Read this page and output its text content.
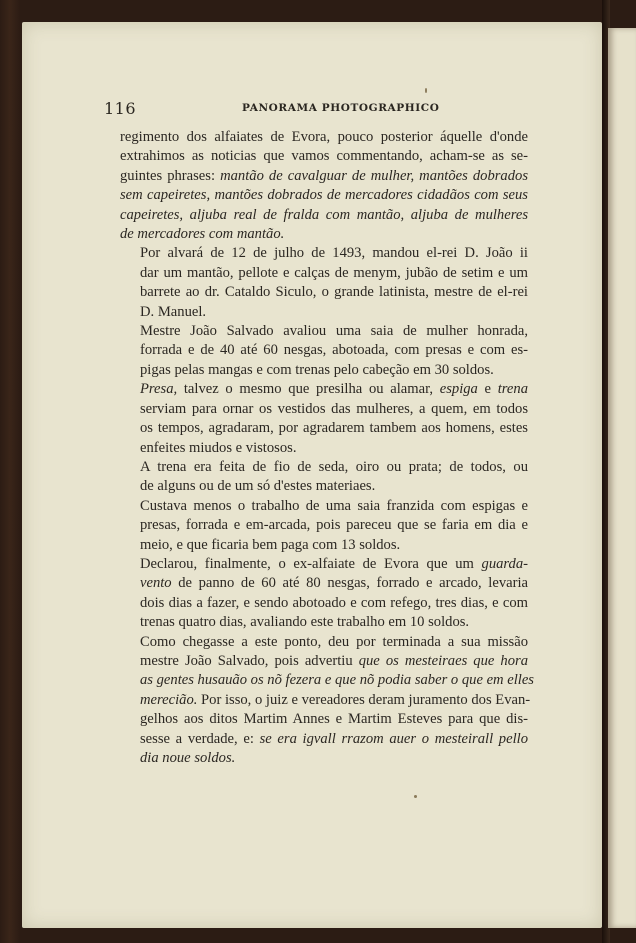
116	PANORAMA PHOTOGRAPHICO

regimento dos alfaiates de Evora, pouco posterior áquelle d'onde
extrahimos as noticias que vamos commentando, acham-se as se-
guintes phrases: mantão de cavalguar de mulher, mantões dobrados
sem capeiretes, mantões dobrados de mercadores cidadãos com seus
capeiretes, aljuba real de fralda com mantão, aljuba de mulheres
de mercadores com mantão.

Por alvará de 12 de julho de 1493, mandou el-rei D. João ii
dar um mantão, pellote e calças de menym, jubão de setim e um
barrete ao dr. Cataldo Siculo, o grande latinista, mestre de el-rei
D. Manuel.

Mestre João Salvado avaliou uma saia de mulher honrada,
forrada e de 40 até 60 nesgas, abotoada, com presas e com es-
pigas pelas mangas e com trenas pelo cabeção em 30 soldos.

Presa, talvez o mesmo que presilha ou alamar, espiga e trena
serviam para ornar os vestidos das mulheres, a quem, em todos
os tempos, agradaram, por agradarem tambem aos homens, estes
enfeites miudos e vistosos.

A trena era feita de fio de seda, oiro ou prata; de todos, ou
de alguns ou de um só d'estes materiaes.

Custava menos o trabalho de uma saia franzida com espigas e
presas, forrada e em-arcada, pois pareceu que se faria em dia e
meio, e que ficaria bem paga com 13 soldos.

Declarou, finalmente, o ex-alfaiate de Evora que um guarda-
vento de panno de 60 até 80 nesgas, forrado e arcado, levaria
dois dias a fazer, e sendo abotoado e com refego, tres dias, e com
trenas quatro dias, avaliando este trabalho em 10 soldos.

Como chegasse a este ponto, deu por terminada a sua missão
mestre João Salvado, pois advertiu que os mesteiraes que hora
as gentes husauão os nõ fezera e que nõ podia saber o que em elles
merecião. Por isso, o juiz e vereadores deram juramento dos Evan-
gelhos aos ditos Martim Annes e Martim Esteves para que dis-
sesse a verdade, e: se era igvall rrazom auer o mesteirall pello
dia noue soldos.
